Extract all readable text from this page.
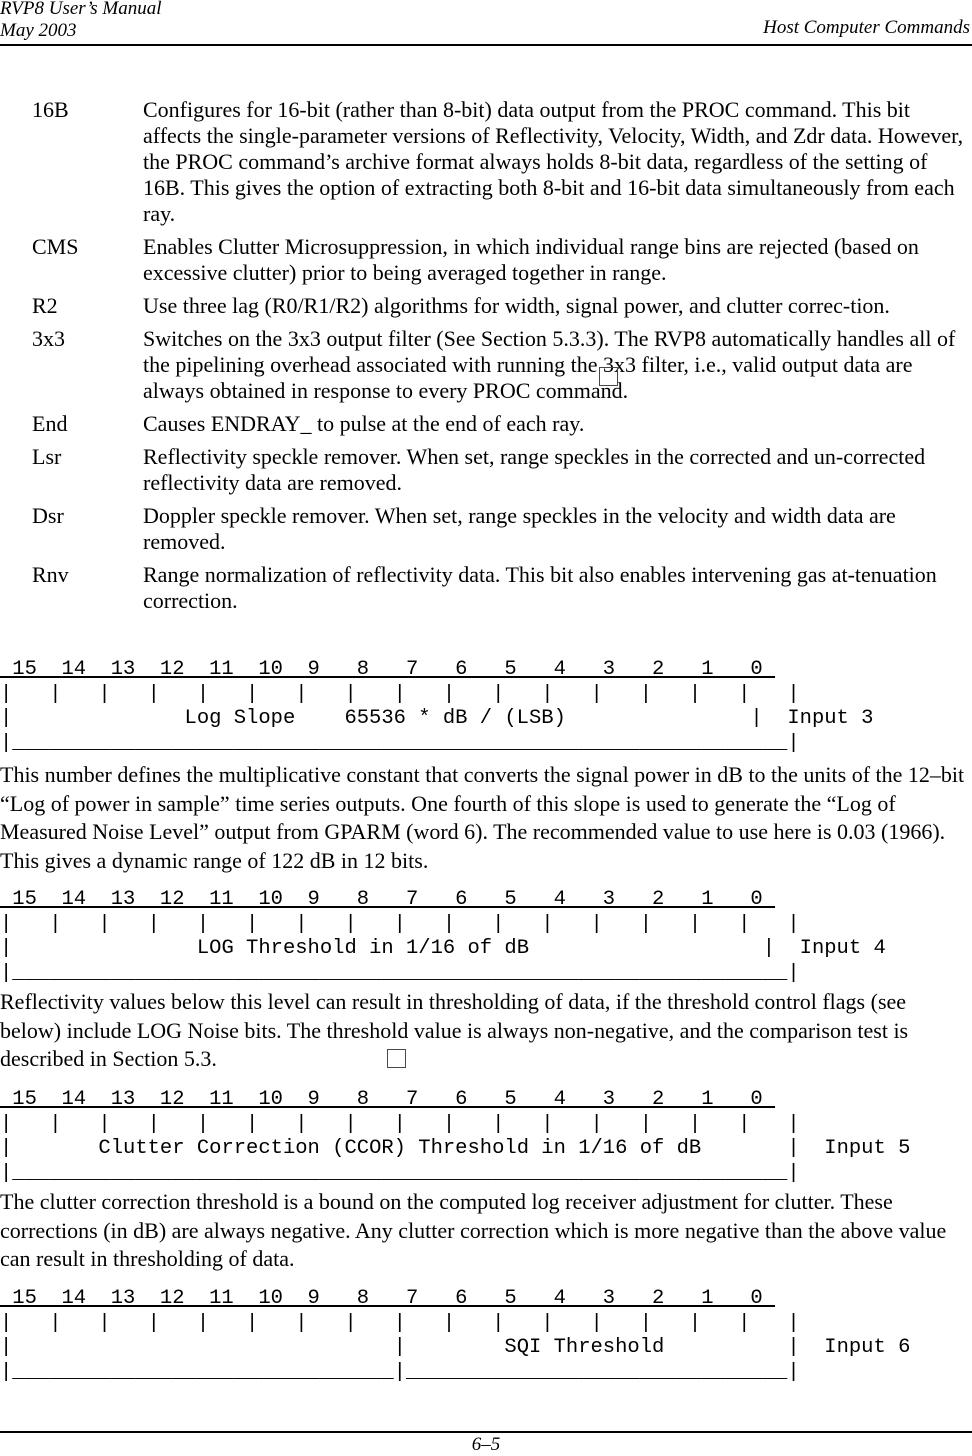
RVP8 User’s Manual
May 2003	Host Computer Commands
16B	Configures for 16-bit (rather than 8-bit) data output from the PROC command. This bit affects the single-parameter versions of Reflectivity, Velocity, Width, and Zdr data. However, the PROC command’s archive format always holds 8-bit data, regardless of the setting of 16B. This gives the option of extracting both 8-bit and 16-bit data simultaneously from each ray.
CMS	Enables Clutter Microsuppression, in which individual range bins are rejected (based on excessive clutter) prior to being averaged together in range.
R2	Use three lag (R0/R1/R2) algorithms for width, signal power, and clutter correc-tion.
3x3	Switches on the 3x3 output filter (See Section 5.3.3). The RVP8 automatically handles all of the pipelining overhead associated with running the 3x3 filter, i.e., valid output data are always obtained in response to every PROC command.
End	Causes ENDRAY_ to pulse at the end of each ray.
Lsr	Reflectivity speckle remover. When set, range speckles in the corrected and un-corrected reflectivity data are removed.
Dsr	Doppler speckle remover. When set, range speckles in the velocity and width data are removed.
Rnv	Range normalization of reflectivity data. This bit also enables intervening gas at-tenuation correction.
15  14  13  12  11  10  9   8   7   6   5   4   3   2   1   0
|   |   |   |   |   |   |   |   |   |   |   |   |   |   |   |   |
|	Log Slope    65536 * dB / (LSB)               |  Input 3
|_______________________________________________________________|
This number defines the multiplicative constant that converts the signal power in dB to the units of the 12–bit “Log of power in sample” time series outputs. One fourth of this slope is used to generate the “Log of Measured Noise Level” output from GPARM (word 6). The recommended value to use here is 0.03 (1966). This gives a dynamic range of 122 dB in 12 bits.
15  14  13  12  11  10  9   8   7   6   5   4   3   2   1   0
|   |   |   |   |   |   |   |   |   |   |   |   |   |   |   |   |
|	LOG Threshold in 1/16 of dB                   |  Input 4
|_______________________________________________________________|
Reflectivity values below this level can result in thresholding of data, if the threshold control flags (see below) include LOG Noise bits. The threshold value is always non-negative, and the comparison test is described in Section 5.3.
15  14  13  12  11  10  9   8   7   6   5   4   3   2   1   0
|   |   |   |   |   |   |   |   |   |   |   |   |   |   |   |   |
|	Clutter Correction (CCOR) Threshold in 1/16 of dB       |  Input 5
|_______________________________________________________________|
The clutter correction threshold is a bound on the computed log receiver adjustment for clutter. These corrections (in dB) are always negative. Any clutter correction which is more negative than the above value can result in thresholding of data.
15  14  13  12  11  10  9   8   7   6   5   4   3   2   1   0
|   |   |   |   |   |   |   |   |   |   |   |   |   |   |   |   |
|                               |	SQI Threshold          |  Input 6
|_______________________________|_______________________________|
6–5
